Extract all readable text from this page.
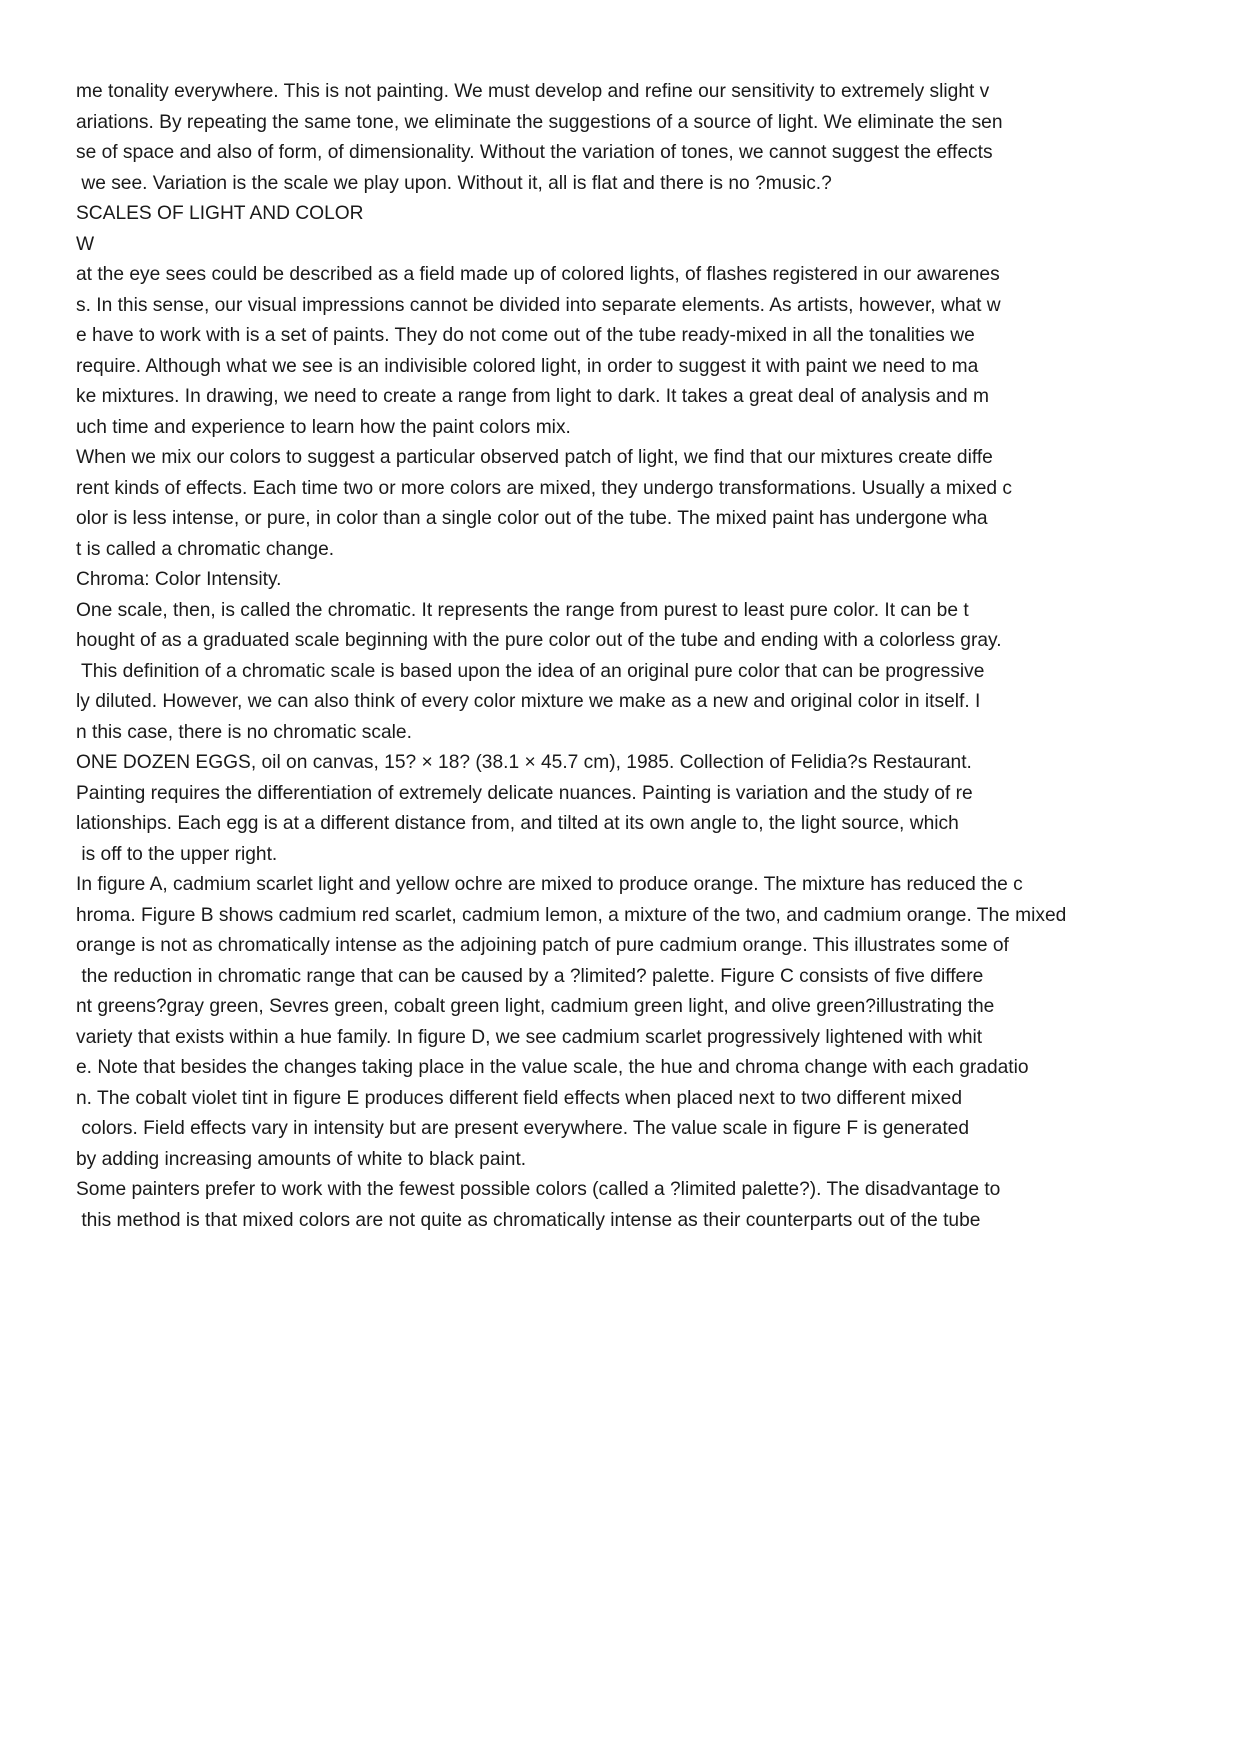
me tonality everywhere. This is not painting. We must develop and refine our sensitivity to extremely slight v
ariations. By repeating the same tone, we eliminate the suggestions of a source of light. We eliminate the sen
se of space and also of form, of dimensionality. Without the variation of tones, we cannot suggest the effects
we see. Variation is the scale we play upon. Without it, all is flat and there is no ?music.?
SCALES OF LIGHT AND COLOR
W
at the eye sees could be described as a field made up of colored lights, of flashes registered in our awarenes
s. In this sense, our visual impressions cannot be divided into separate elements. As artists, however, what w
e have to work with is a set of paints. They do not come out of the tube ready-mixed in all the tonalities we
require. Although what we see is an indivisible colored light, in order to suggest it with paint we need to ma
ke mixtures. In drawing, we need to create a range from light to dark. It takes a great deal of analysis and m
uch time and experience to learn how the paint colors mix.
When we mix our colors to suggest a particular observed patch of light, we find that our mixtures create diffe
rent kinds of effects. Each time two or more colors are mixed, they undergo transformations. Usually a mixed c
olor is less intense, or pure, in color than a single color out of the tube. The mixed paint has undergone wha
t is called a chromatic change.
Chroma: Color Intensity.
One scale, then, is called the chromatic. It represents the range from purest to least pure color. It can be t
hought of as a graduated scale beginning with the pure color out of the tube and ending with a colorless gray.
This definition of a chromatic scale is based upon the idea of an original pure color that can be progressive
ly diluted. However, we can also think of every color mixture we make as a new and original color in itself. I
n this case, there is no chromatic scale.
ONE DOZEN EGGS, oil on canvas, 15? × 18? (38.1 × 45.7 cm), 1985. Collection of Felidia?s Restaurant.
Painting requires the differentiation of extremely delicate nuances. Painting is variation and the study of re
lationships. Each egg is at a different distance from, and tilted at its own angle to, the light source, which
is off to the upper right.
In figure A, cadmium scarlet light and yellow ochre are mixed to produce orange. The mixture has reduced the c
hroma. Figure B shows cadmium red scarlet, cadmium lemon, a mixture of the two, and cadmium orange. The mixed
orange is not as chromatically intense as the adjoining patch of pure cadmium orange. This illustrates some of
the reduction in chromatic range that can be caused by a ?limited? palette. Figure C consists of five differe
nt greens?gray green, Sevres green, cobalt green light, cadmium green light, and olive green?illustrating the
variety that exists within a hue family. In figure D, we see cadmium scarlet progressively lightened with whit
e. Note that besides the changes taking place in the value scale, the hue and chroma change with each gradatio
n. The cobalt violet tint in figure E produces different field effects when placed next to two different mixed
colors. Field effects vary in intensity but are present everywhere. The value scale in figure F is generated
by adding increasing amounts of white to black paint.
Some painters prefer to work with the fewest possible colors (called a ?limited palette?). The disadvantage to
this method is that mixed colors are not quite as chromatically intense as their counterparts out of the tube
